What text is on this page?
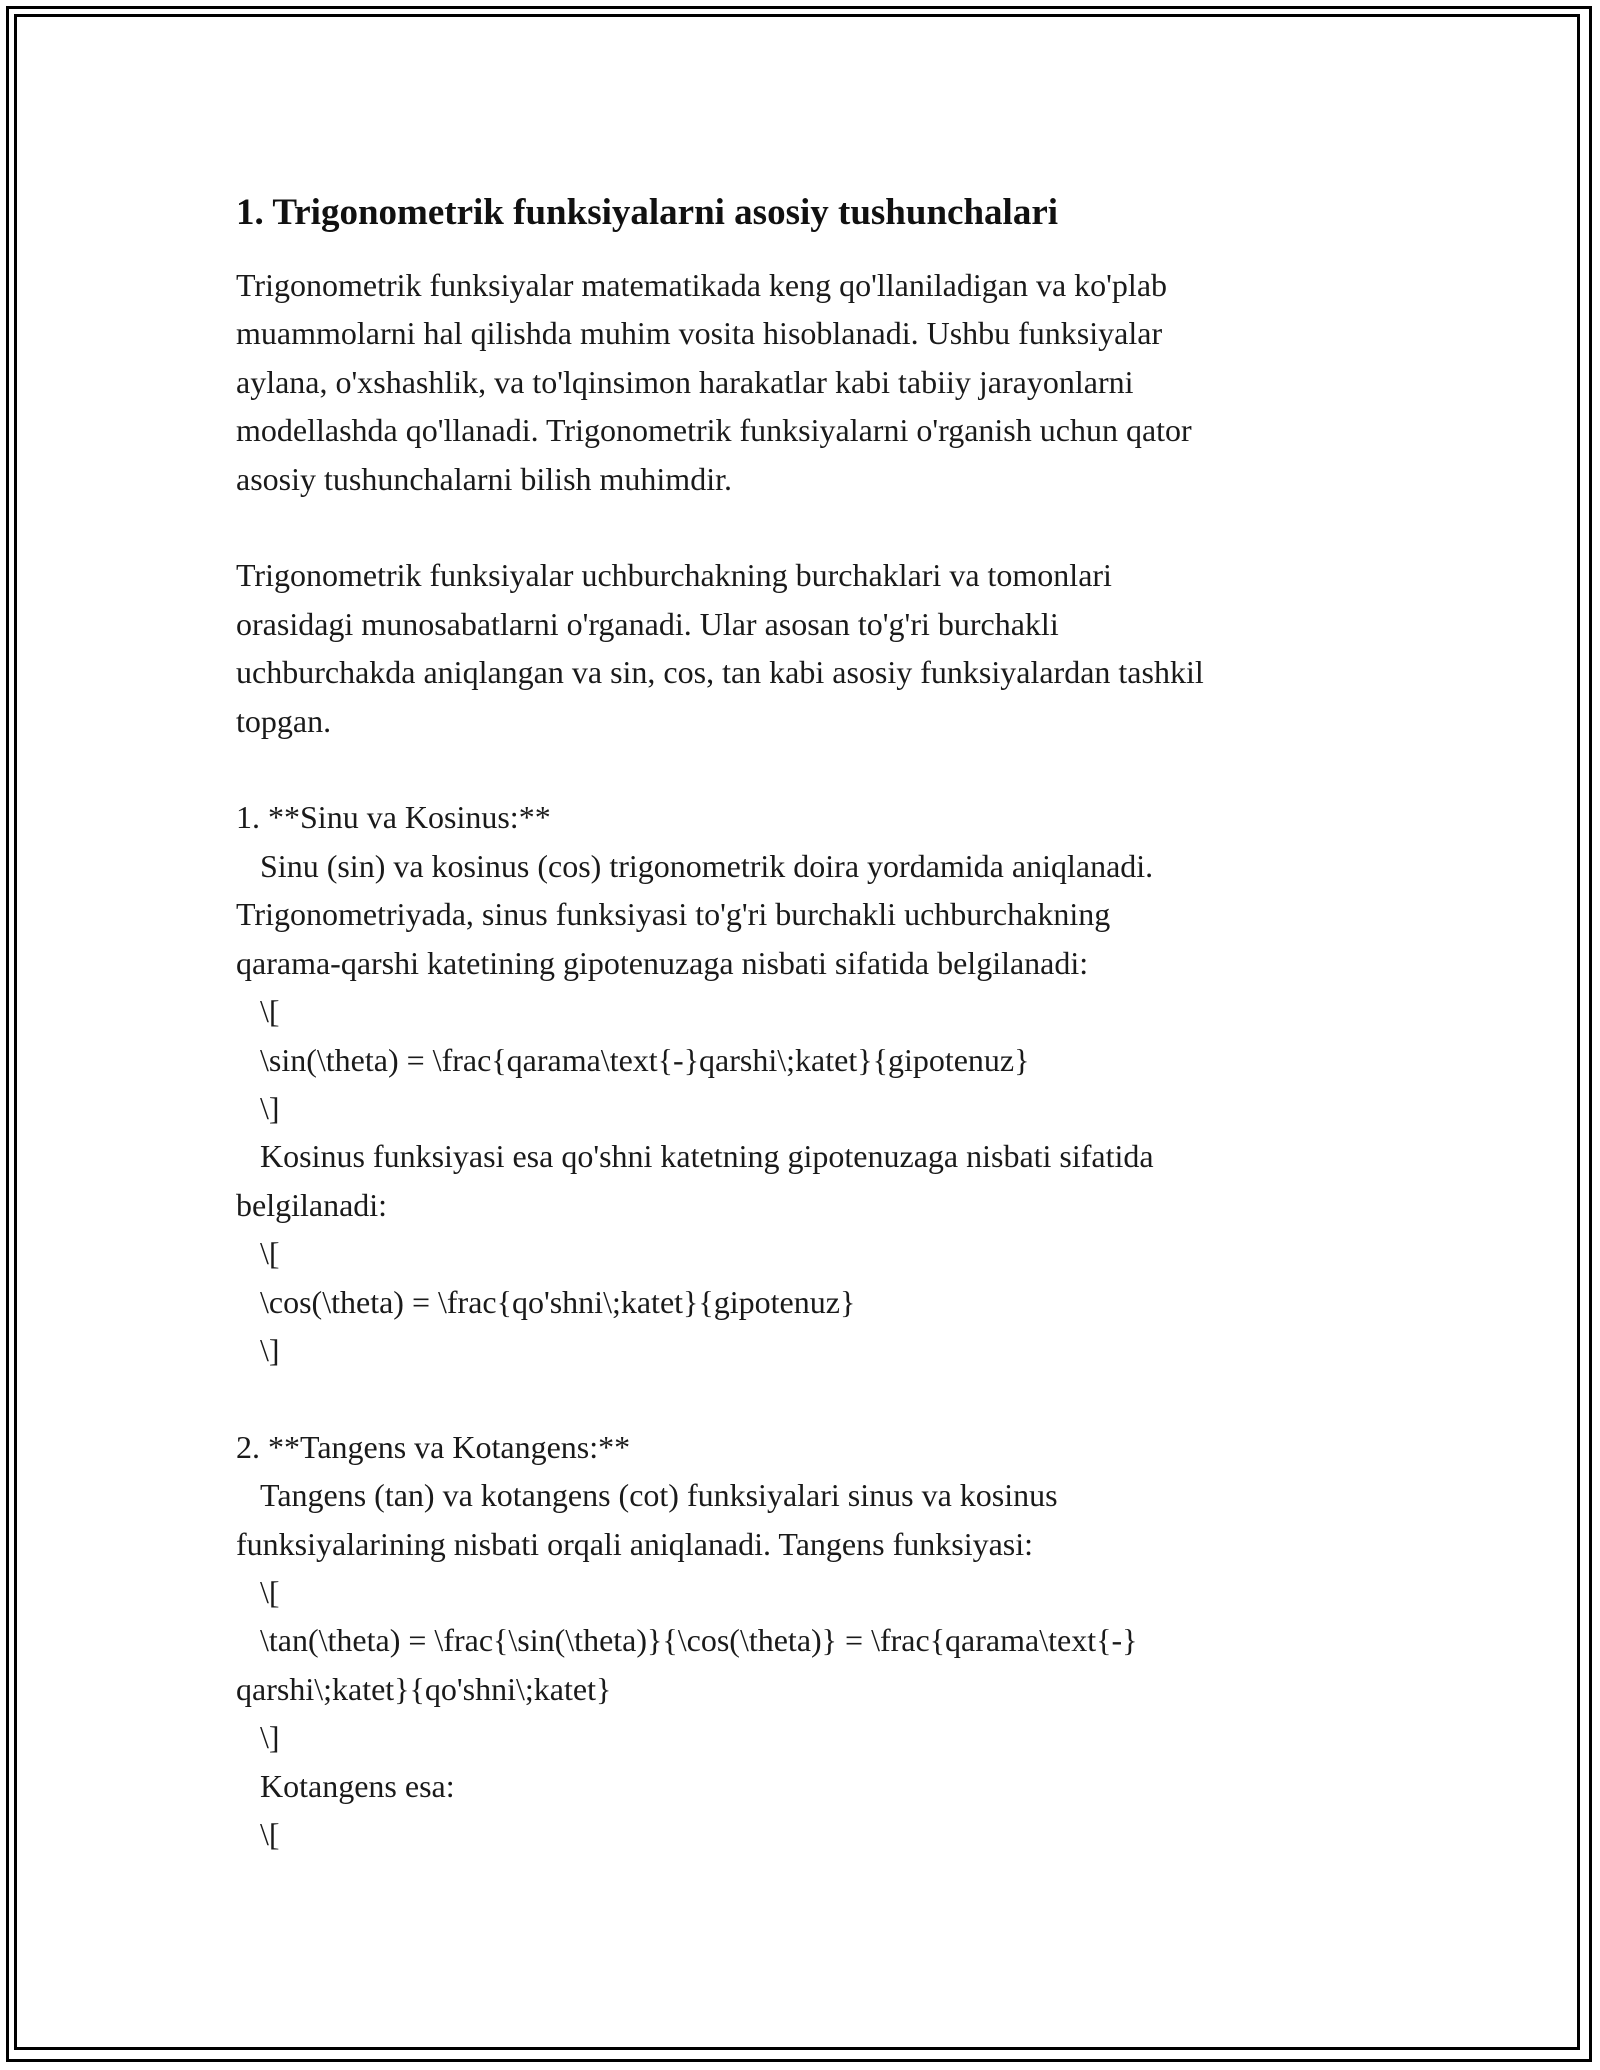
1. Trigonometrik funksiyalarni asosiy tushunchalari

Trigonometrik funksiyalar matematikada keng qo'llaniladigan va ko'plab
muammolarni hal qilishda muhim vosita hisoblanadi. Ushbu funksiyalar
aylana, o'xshashlik, va to'lqinsimon harakatlar kabi tabiiy jarayonlarni
modellashda qo'llanadi. Trigonometrik funksiyalarni o'rganish uchun qator
asosiy tushunchalarni bilish muhimdir.

Trigonometrik funksiyalar uchburchakning burchaklari va tomonlari
orasidagi munosabatlarni o'rganadi. Ular asosan to'g'ri burchakli
uchburchakda aniqlangan va sin, cos, tan kabi asosiy funksiyalardan tashkil
topgan.

1. **Sinu va Kosinus:**
Sinu (sin) va kosinus (cos) trigonometrik doira yordamida aniqlanadi.
Trigonometriyada, sinus funksiyasi to'g'ri burchakli uchburchakning
qarama-qarshi katetining gipotenuzaga nisbati sifatida belgilanadi:
\[
\sin(\theta) = \frac{qarama\text{-}qarshi\;katet}{gipotenuz}
\]
Kosinus funksiyasi esa qo'shni katetning gipotenuzaga nisbati sifatida
belgilanadi:
\[
\cos(\theta) = \frac{qo'shni\;katet}{gipotenuz}
\]

2. **Tangens va Kotangens:**
Tangens (tan) va kotangens (cot) funksiyalari sinus va kosinus
funksiyalarining nisbati orqali aniqlanadi. Tangens funksiyasi:
\[
\tan(\theta) = \frac{\sin(\theta)}{\cos(\theta)} = \frac{qarama\text{-}
qarshi\;katet}{qo'shni\;katet}
\]
Kotangens esa:
\[
